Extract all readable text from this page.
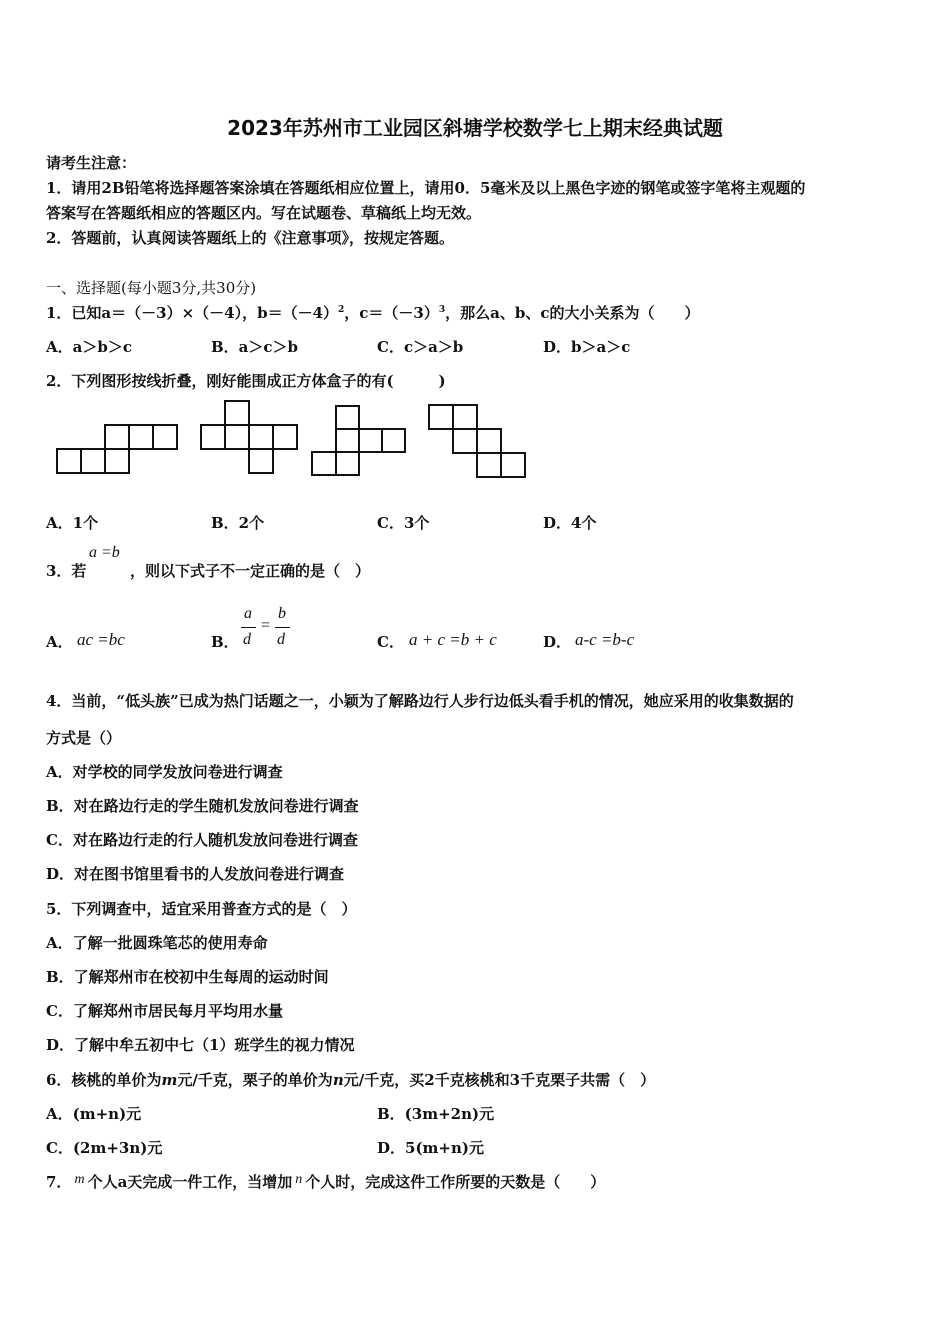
2023年苏州市工业园区斜塘学校数学七上期末经典试题
请考生注意：
1．请用2B铅笔将选择题答案涂填在答题纸相应位置上，请用0．5毫米及以上黑色字迹的钢笔或签字笔将主观题的
答案写在答题纸相应的答题区内。写在试题卷、草稿纸上均无效。
2．答题前，认真阅读答题纸上的《注意事项》，按规定答题。
一、选择题(每小题3分,共30分)
1．已知a＝（－3）×（－4），$b=(-4)^2$，$c=(-3)^3$，那么a、b、c的大小关系为（　　）
A．a＞b＞c	B．a＞c＞b	C．c＞a＞b	D．b＞a＞c
2．下列图形按线折叠，刚好能围成正方体盒子的有(　　　)
A．1个	B．2个	C．3个	D．4个
3．若
a =b
，则以下式子不一定正确的是（　）
A． ac =bc	B．
a
d
=
b
d	C． a + c =b + c	D． a-c =b-c
4．当前，“低头族”已成为热门话题之一，小颖为了解路边行人步行边低头看手机的情况，她应采用的收集数据的
方式是（）
A．对学校的同学发放问卷进行调查
B．对在路边行走的学生随机发放问卷进行调查
C．对在路边行走的行人随机发放问卷进行调查
D．对在图书馆里看书的人发放问卷进行调查
5．下列调查中，适宜采用普查方式的是（　）
A．了解一批圆珠笔芯的使用寿命
B．了解郑州市在校初中生每周的运动时间
C．了解郑州市居民每月平均用水量
D．了解中牟五初中七（1）班学生的视力情况
6．核桃的单价为m元/千克，栗子的单价为n元/千克，买2千克核桃和3千克栗子共需（　）
A．(m+n)元	B．(3m+2n)元
C．(2m+3n)元	D．5(m+n)元
7． m 个人a天完成一件工作，当增加 n 个人时，完成这件工作所要的天数是（　　）
